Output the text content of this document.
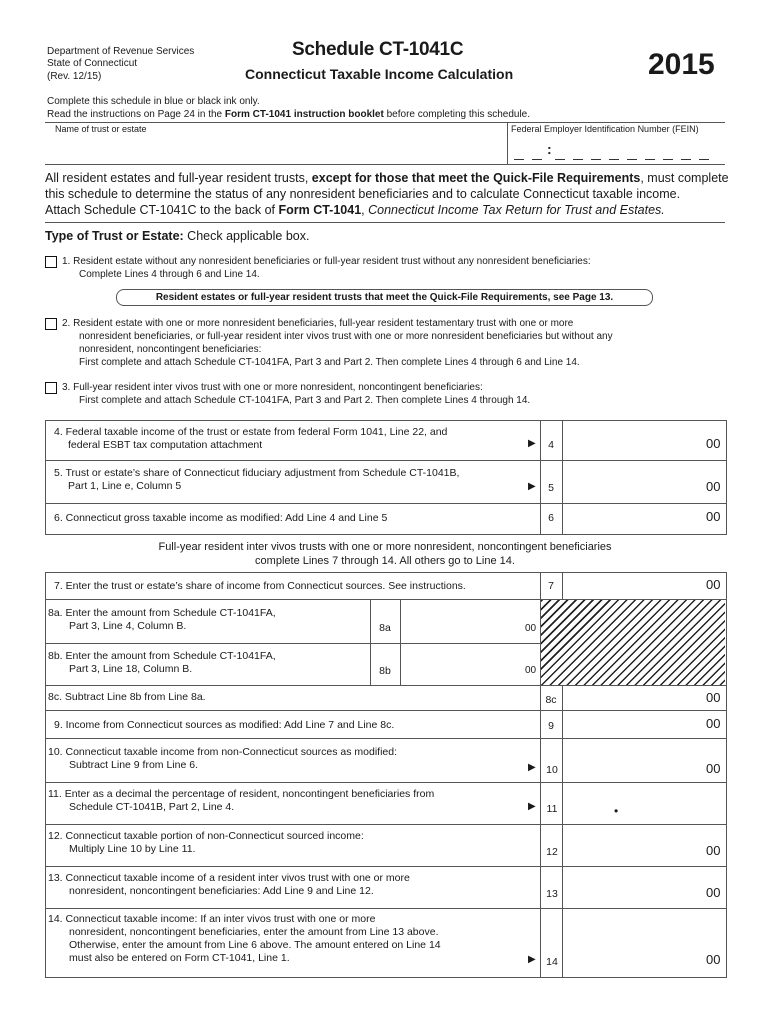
Department of Revenue Services
State of Connecticut
(Rev. 12/15)
Schedule CT-1041C
Connecticut Taxable Income Calculation	2015
Complete this schedule in blue or black ink only.
Read the instructions on Page 24 in the Form CT-1041 instruction booklet before completing this schedule.
Name of trust or estate	Federal Employer Identification Number (FEIN)
:
All resident estates and full-year resident trusts, except for those that meet the Quick-File Requirements, must complete
this schedule to determine the status of any nonresident beneficiaries and to calculate Connecticut taxable income.
Attach Schedule CT-1041C to the back of Form CT-1041, Connecticut Income Tax Return for Trust and Estates.
Type of Trust or Estate: Check applicable box.
1. Resident estate without any nonresident beneficiaries or full-year resident trust without any nonresident beneficiaries:
Complete Lines 4 through 6 and Line 14.
Resident estates or full-year resident trusts that meet the Quick-File Requirements, see Page 13.
2. Resident estate with one or more nonresident beneficiaries, full-year resident testamentary trust with one or more
nonresident beneficiaries, or full-year resident inter vivos trust with one or more nonresident beneficiaries but without any
nonresident, noncontingent beneficiaries:
First complete and attach Schedule CT-1041FA, Part 3 and Part 2. Then complete Lines 4 through 6 and Line 14.
3. Full-year resident inter vivos trust with one or more nonresident, noncontingent beneficiaries:
First complete and attach Schedule CT-1041FA, Part 3 and Part 2. Then complete Lines 4 through 14.
4. Federal taxable income of the trust or estate from federal Form 1041, Line 22, and
federal ESBT tax computation attachment	▶	4	00
5. Trust or estate’s share of Connecticut fiduciary adjustment from Schedule CT-1041B,
Part 1, Line e, Column 5	▶	5	00
6. Connecticut gross taxable income as modified: Add Line 4 and Line 5	6	00
Full-year resident inter vivos trusts with one or more nonresident, noncontingent beneficiaries
complete Lines 7 through 14. All others go to Line 14.
7. Enter the trust or estate’s share of income from Connecticut sources. See instructions.	7	00
8a. Enter the amount from Schedule CT-1041FA,
Part 3, Line 4, Column B.	8a	00
8b. Enter the amount from Schedule CT-1041FA,
Part 3, Line 18, Column B.	8b	00
8c. Subtract Line 8b from Line 8a.	8c	00
9. Income from Connecticut sources as modified: Add Line 7 and Line 8c.	9	00
10. Connecticut taxable income from non-Connecticut sources as modified:
Subtract Line 9 from Line 6.	▶ 10	00
11. Enter as a decimal the percentage of resident, noncontingent beneficiaries from
Schedule CT-1041B, Part 2, Line 4.	▶	11	•
12. Connecticut taxable portion of non-Connecticut sourced income:
Multiply Line 10 by Line 11.	12	00
13. Connecticut taxable income of a resident inter vivos trust with one or more
nonresident, noncontingent beneficiaries: Add Line 9 and Line 12.	13	00
14. Connecticut taxable income: If an inter vivos trust with one or more
nonresident, noncontingent beneficiaries, enter the amount from Line 13 above.
Otherwise, enter the amount from Line 6 above. The amount entered on Line 14
must also be entered on Form CT-1041, Line 1.	▶ 14	00
